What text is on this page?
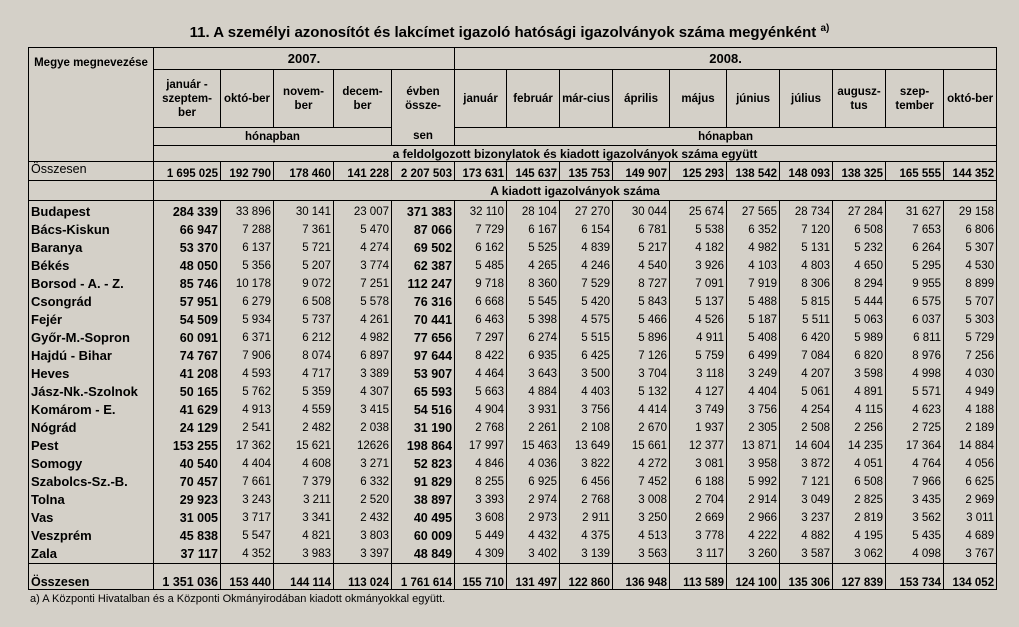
11. A személyi azonosítót és lakcímet igazoló hatósági igazolványok száma megyénként $^{a)}$
Megye megnevezése	2007.					2008.									
	január - szeptem-ber	októ-ber	novem-ber	decem-ber	évben össze-	január	február	már-cius	április	május	június	július	augusz-tus	szep-tember	októ-ber
	hónapban				sen	hónapban									
	a feldolgozott bizonylatok és kiadott igazolványok száma együtt														
Összesen	1 695 025	192 790	178 460	141 228	2 207 503	173 631	145 637	135 753	149 907	125 293	138 542	148 093	138 325	165 555	144 352
	A kiadott igazolványok száma														
Budapest	284 339	33 896	30 141	23 007	371 383	32 110	28 104	27 270	30 044	25 674	27 565	28 734	27 284	31 627	29 158
Bács-Kiskun	66 947	7 288	7 361	5 470	87 066	7 729	6 167	6 154	6 781	5 538	6 352	7 120	6 508	7 653	6 806
Baranya	53 370	6 137	5 721	4 274	69 502	6 162	5 525	4 839	5 217	4 182	4 982	5 131	5 232	6 264	5 307
Békés	48 050	5 356	5 207	3 774	62 387	5 485	4 265	4 246	4 540	3 926	4 103	4 803	4 650	5 295	4 530
Borsod - A. - Z.	85 746	10 178	9 072	7 251	112 247	9 718	8 360	7 529	8 727	7 091	7 919	8 306	8 294	9 955	8 899
Csongrád	57 951	6 279	6 508	5 578	76 316	6 668	5 545	5 420	5 843	5 137	5 488	5 815	5 444	6 575	5 707
Fejér	54 509	5 934	5 737	4 261	70 441	6 463	5 398	4 575	5 466	4 526	5 187	5 511	5 063	6 037	5 303
Győr-M.-Sopron	60 091	6 371	6 212	4 982	77 656	7 297	6 274	5 515	5 896	4 911	5 408	6 420	5 989	6 811	5 729
Hajdú - Bihar	74 767	7 906	8 074	6 897	97 644	8 422	6 935	6 425	7 126	5 759	6 499	7 084	6 820	8 976	7 256
Heves	41 208	4 593	4 717	3 389	53 907	4 464	3 643	3 500	3 704	3 118	3 249	4 207	3 598	4 998	4 030
Jász-Nk.-Szolnok	50 165	5 762	5 359	4 307	65 593	5 663	4 884	4 403	5 132	4 127	4 404	5 061	4 891	5 571	4 949
Komárom - E.	41 629	4 913	4 559	3 415	54 516	4 904	3 931	3 756	4 414	3 749	3 756	4 254	4 115	4 623	4 188
Nógrád	24 129	2 541	2 482	2 038	31 190	2 768	2 261	2 108	2 670	1 937	2 305	2 508	2 256	2 725	2 189
Pest	153 255	17 362	15 621	12626	198 864	17 997	15 463	13 649	15 661	12 377	13 871	14 604	14 235	17 364	14 884
Somogy	40 540	4 404	4 608	3 271	52 823	4 846	4 036	3 822	4 272	3 081	3 958	3 872	4 051	4 764	4 056
Szabolcs-Sz.-B.	70 457	7 661	7 379	6 332	91 829	8 255	6 925	6 456	7 452	6 188	5 992	7 121	6 508	7 966	6 625
Tolna	29 923	3 243	3 211	2 520	38 897	3 393	2 974	2 768	3 008	2 704	2 914	3 049	2 825	3 435	2 969
Vas	31 005	3 717	3 341	2 432	40 495	3 608	2 973	2 911	3 250	2 669	2 966	3 237	2 819	3 562	3 011
Veszprém	45 838	5 547	4 821	3 803	60 009	5 449	4 432	4 375	4 513	3 778	4 222	4 882	4 195	5 435	4 689
Zala	37 117	4 352	3 983	3 397	48 849	4 309	3 402	3 139	3 563	3 117	3 260	3 587	3 062	4 098	3 767
Összesen	1 351 036	153 440	144 114	113 024	1 761 614	155 710	131 497	122 860	136 948	113 589	124 100	135 306	127 839	153 734	134 052
a) A Központi Hivatalban és a Központi Okmányirodában kiadott okmányokkal együtt.
